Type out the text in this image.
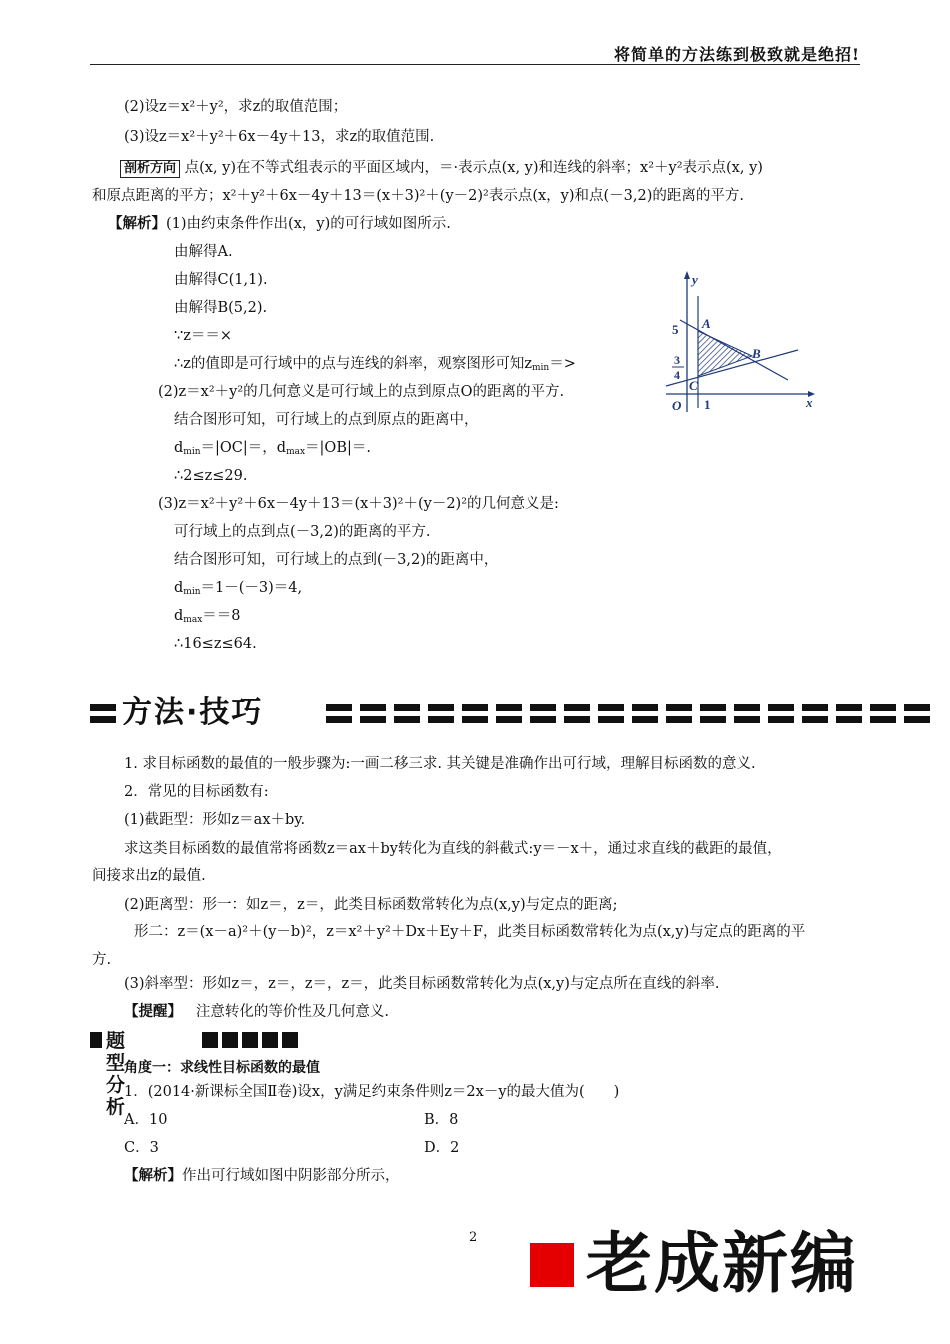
将简单的方法练到极致就是绝招!
(2)设z＝x²＋y²，求z的取值范围；
(3)设z＝x²＋y²＋6x－4y＋13，求z的取值范围.
剖析方向 点(x, y)在不等式组表示的平面区域内，＝·表示点(x, y)和连线的斜率；x²＋y²表示点(x, y)
和原点距离的平方；x²＋y²＋6x－4y＋13＝(x＋3)²＋(y－2)²表示点(x，y)和点(－3,2)的距离的平方.
【解析】(1)由约束条件作出(x，y)的可行域如图所示.
由解得A.
由解得C(1,1).
由解得B(5,2).
∵z＝＝×
∴z的值即是可行域中的点与连线的斜率，观察图形可知$z_{min}=>$
(2)z＝x²＋y²的几何意义是可行域上的点到原点O的距离的平方.
结合图形可知，可行域上的点到原点的距离中，
$d_{min}=|OC|=$，$d_{max}=|OB|=$.
∴2≤z≤29.
(3)z＝x²＋y²＋6x－4y＋13＝(x＋3)²＋(y－2)²的几何意义是:
可行域上的点到点(－3,2)的距离的平方.
结合图形可知，可行域上的点到(－3,2)的距离中，
$d_{min}=1-(-3)=4$,
$d_{max}==8$
∴16≤z≤64.
y
x
O
5
1
3
4
A
B
C
方法·技巧
1. 求目标函数的最值的一般步骤为:一画二移三求. 其关键是准确作出可行域，理解目标函数的意义.
2．常见的目标函数有:
(1)截距型：形如z＝ax＋by.
求这类目标函数的最值常将函数z＝ax＋by转化为直线的斜截式:y＝－x＋，通过求直线的截距的最值，
间接求出z的最值.
(2)距离型：形一：如z＝，z＝，此类目标函数常转化为点(x,y)与定点的距离;
形二：z＝(x－a)²＋(y－b)²，z＝x²＋y²＋Dx＋Ey＋F，此类目标函数常转化为点(x,y)与定点的距离的平
方.
(3)斜率型：形如z＝，z＝，z＝，z＝，此类目标函数常转化为点(x,y)与定点所在直线的斜率.
【提醒】 注意转化的等价性及几何意义.
题型分析
角度一：求线性目标函数的最值
1．(2014·新课标全国Ⅱ卷)设x，y满足约束条件则z＝2x－y的最大值为(　　)
A．10	B．8
C．3	D．2
【解析】作出可行域如图中阴影部分所示，
2 老成新编
